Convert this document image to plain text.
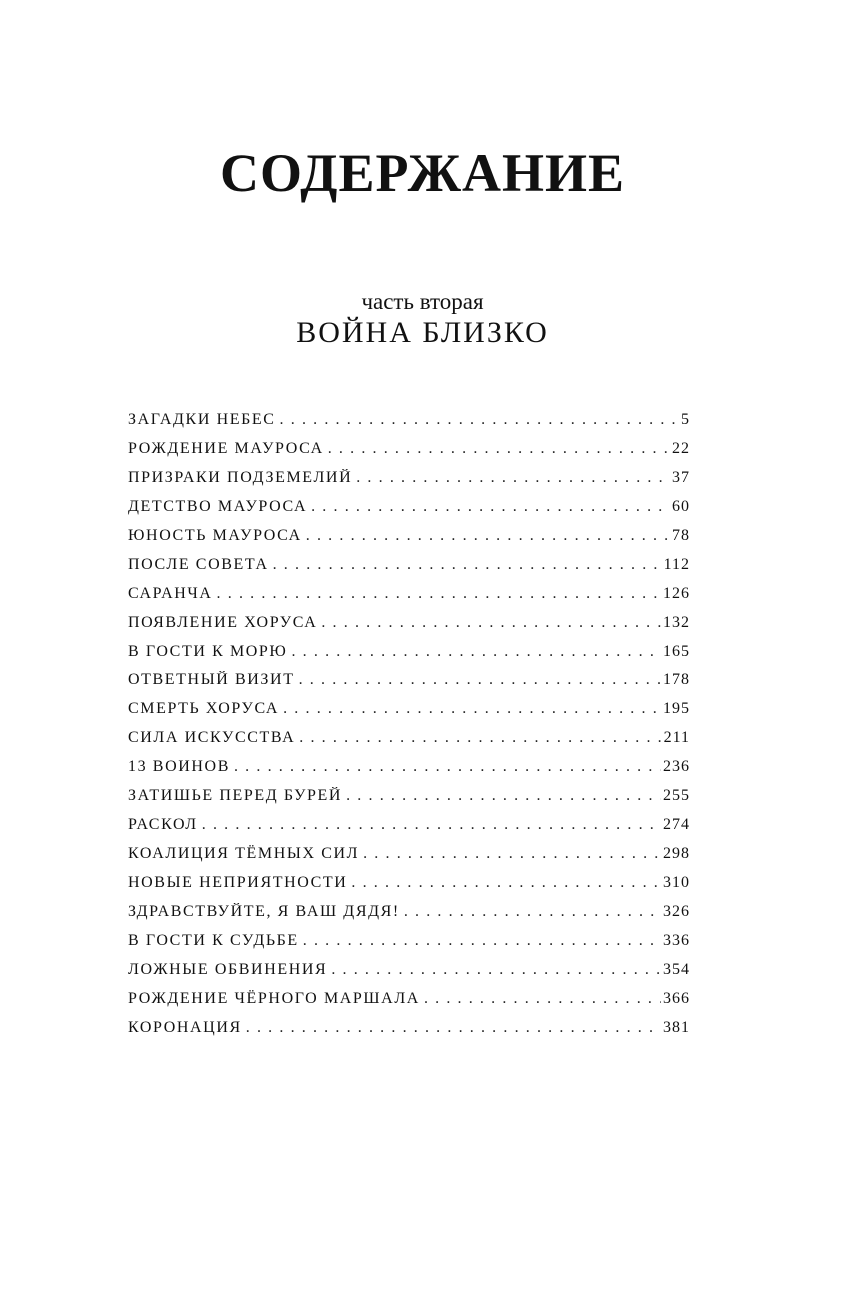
СОДЕРЖАНИЕ
часть вторая
ВОЙНА БЛИЗКО
ЗАГАДКИ НЕБЕС . . .	5
РОЖДЕНИЕ МАУРОСА . . .	22
ПРИЗРАКИ ПОДЗЕМЕЛИЙ . . .	37
ДЕТСТВО МАУРОСА . . .	60
ЮНОСТЬ МАУРОСА . . .	78
ПОСЛЕ СОВЕТА . . .	112
САРАНЧА . . .	126
ПОЯВЛЕНИЕ ХОРУСА . . .	132
В ГОСТИ К МОРЮ . . .	165
ОТВЕТНЫЙ ВИЗИТ . . .	178
СМЕРТЬ ХОРУСА . . .	195
СИЛА ИСКУССТВА . . .	211
13 ВОИНОВ . . .	236
ЗАТИШЬЕ ПЕРЕД БУРЕЙ . . .	255
РАСКОЛ . . .	274
КОАЛИЦИЯ ТЁМНЫХ СИЛ . . .	298
НОВЫЕ НЕПРИЯТНОСТИ . . .	310
ЗДРАВСТВУЙТЕ, Я ВАШ ДЯДЯ! . . .	326
В ГОСТИ К СУДЬБЕ . . .	336
ЛОЖНЫЕ ОБВИНЕНИЯ . . .	354
РОЖДЕНИЕ ЧЁРНОГО МАРШАЛА . . .	366
КОРОНАЦИЯ . . .	381
